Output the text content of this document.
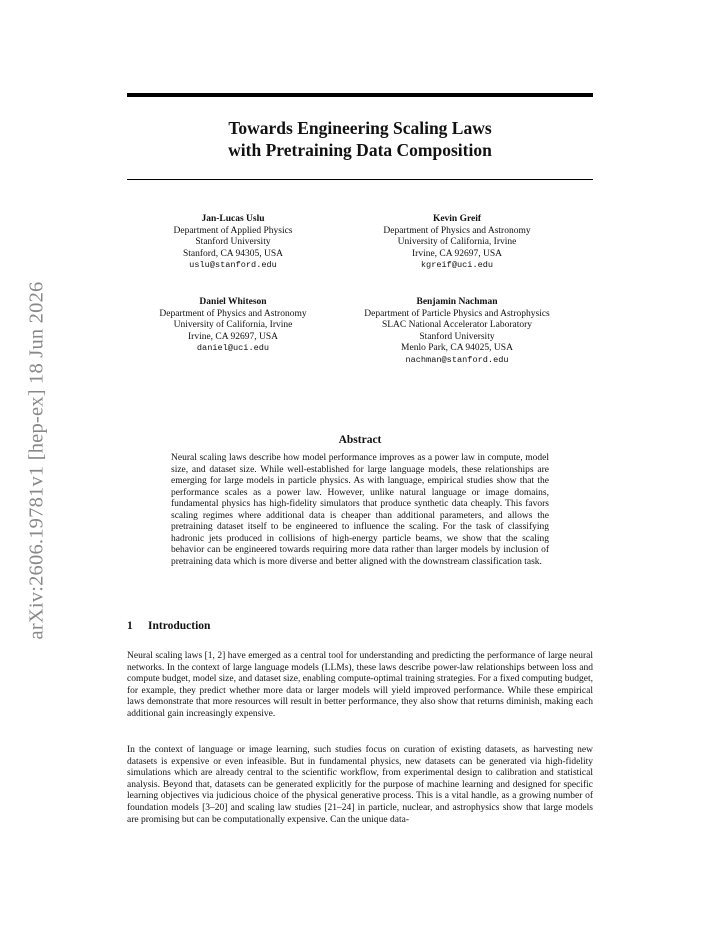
arXiv:2606.19781v1 [hep-ex] 18 Jun 2026
Towards Engineering Scaling Laws
with Pretraining Data Composition
Jan-Lucas Uslu
Department of Applied Physics
Stanford University
Stanford, CA 94305, USA
uslu@stanford.edu
Kevin Greif
Department of Physics and Astronomy
University of California, Irvine
Irvine, CA 92697, USA
kgreif@uci.edu
Daniel Whiteson
Department of Physics and Astronomy
University of California, Irvine
Irvine, CA 92697, USA
daniel@uci.edu
Benjamin Nachman
Department of Particle Physics and Astrophysics
SLAC National Accelerator Laboratory
Stanford University
Menlo Park, CA 94025, USA
nachman@stanford.edu
Abstract
Neural scaling laws describe how model performance improves as a power law in compute, model size, and dataset size. While well-established for large language models, these relationships are emerging for large models in particle physics. As with language, empirical studies show that the performance scales as a power law. However, unlike natural language or image domains, fundamental physics has high-fidelity simulators that produce synthetic data cheaply. This favors scaling regimes where additional data is cheaper than additional parameters, and allows the pretraining dataset itself to be engineered to influence the scaling. For the task of classifying hadronic jets produced in collisions of high-energy particle beams, we show that the scaling behavior can be engineered towards requiring more data rather than larger models by inclusion of pretraining data which is more diverse and better aligned with the downstream classification task.
1 Introduction
Neural scaling laws [1, 2] have emerged as a central tool for understanding and predicting the performance of large neural networks. In the context of large language models (LLMs), these laws describe power-law relationships between loss and compute budget, model size, and dataset size, enabling compute-optimal training strategies. For a fixed computing budget, for example, they predict whether more data or larger models will yield improved performance. While these empirical laws demonstrate that more resources will result in better performance, they also show that returns diminish, making each additional gain increasingly expensive.
In the context of language or image learning, such studies focus on curation of existing datasets, as harvesting new datasets is expensive or even infeasible. But in fundamental physics, new datasets can be generated via high-fidelity simulations which are already central to the scientific workflow, from experimental design to calibration and statistical analysis. Beyond that, datasets can be generated explicitly for the purpose of machine learning and designed for specific learning objectives via judicious choice of the physical generative process. This is a vital handle, as a growing number of foundation models [3–20] and scaling law studies [21–24] in particle, nuclear, and astrophysics show that large models are promising but can be computationally expensive. Can the unique data-
